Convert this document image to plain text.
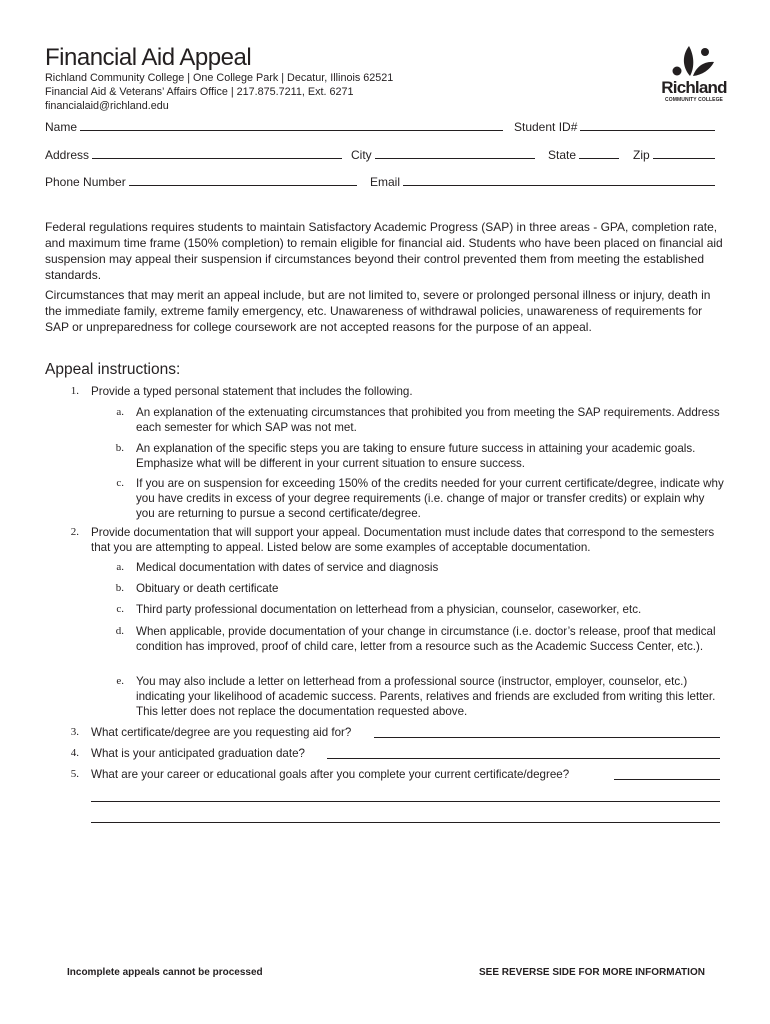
Financial Aid Appeal
Richland Community College | One College Park | Decatur, Illinois 62521
Financial Aid & Veterans’ Affairs Office | 217.875.7211, Ext. 6271
financialaid@richland.edu
Richland
COMMUNITY COLLEGE
Name	Student ID#
Address	City	State	Zip
Phone Number	Email
Federal regulations requires students to maintain Satisfactory Academic Progress (SAP) in three areas - GPA, completion rate, and maximum time frame (150% completion) to remain eligible for financial aid. Students who have been placed on financial aid suspension may appeal their suspension if circumstances beyond their control prevented them from meeting the established standards.
Circumstances that may merit an appeal include, but are not limited to, severe or prolonged personal illness or injury, death in the immediate family, extreme family emergency, etc. Unawareness of withdrawal policies, unawareness of requirements for SAP or unpreparedness for college coursework are not accepted reasons for the purpose of an appeal.
Appeal instructions:
1. Provide a typed personal statement that includes the following.
a. An explanation of the extenuating circumstances that prohibited you from meeting the SAP requirements. Address each semester for which SAP was not met.
b. An explanation of the specific steps you are taking to ensure future success in attaining your academic goals. Emphasize what will be different in your current situation to ensure success.
c. If you are on suspension for exceeding 150% of the credits needed for your current certificate/degree, indicate why you have credits in excess of your degree requirements (i.e. change of major or transfer credits) or explain why you are returning to pursue a second certificate/degree.
2. Provide documentation that will support your appeal. Documentation must include dates that correspond to the semesters that you are attempting to appeal. Listed below are some examples of acceptable documentation.
a. Medical documentation with dates of service and diagnosis
b. Obituary or death certificate
c. Third party professional documentation on letterhead from a physician, counselor, caseworker, etc.
d. When applicable, provide documentation of your change in circumstance (i.e. doctor’s release, proof that medical condition has improved, proof of child care, letter from a resource such as the Academic Success Center, etc.).
e. You may also include a letter on letterhead from a professional source (instructor, employer, counselor, etc.) indicating your likelihood of academic success. Parents, relatives and friends are excluded from writing this letter. This letter does not replace the documentation requested above.
3. What certificate/degree are you requesting aid for?
4. What is your anticipated graduation date?
5. What are your career or educational goals after you complete your current certificate/degree?
Incomplete appeals cannot be processed	SEE REVERSE SIDE FOR MORE INFORMATION
